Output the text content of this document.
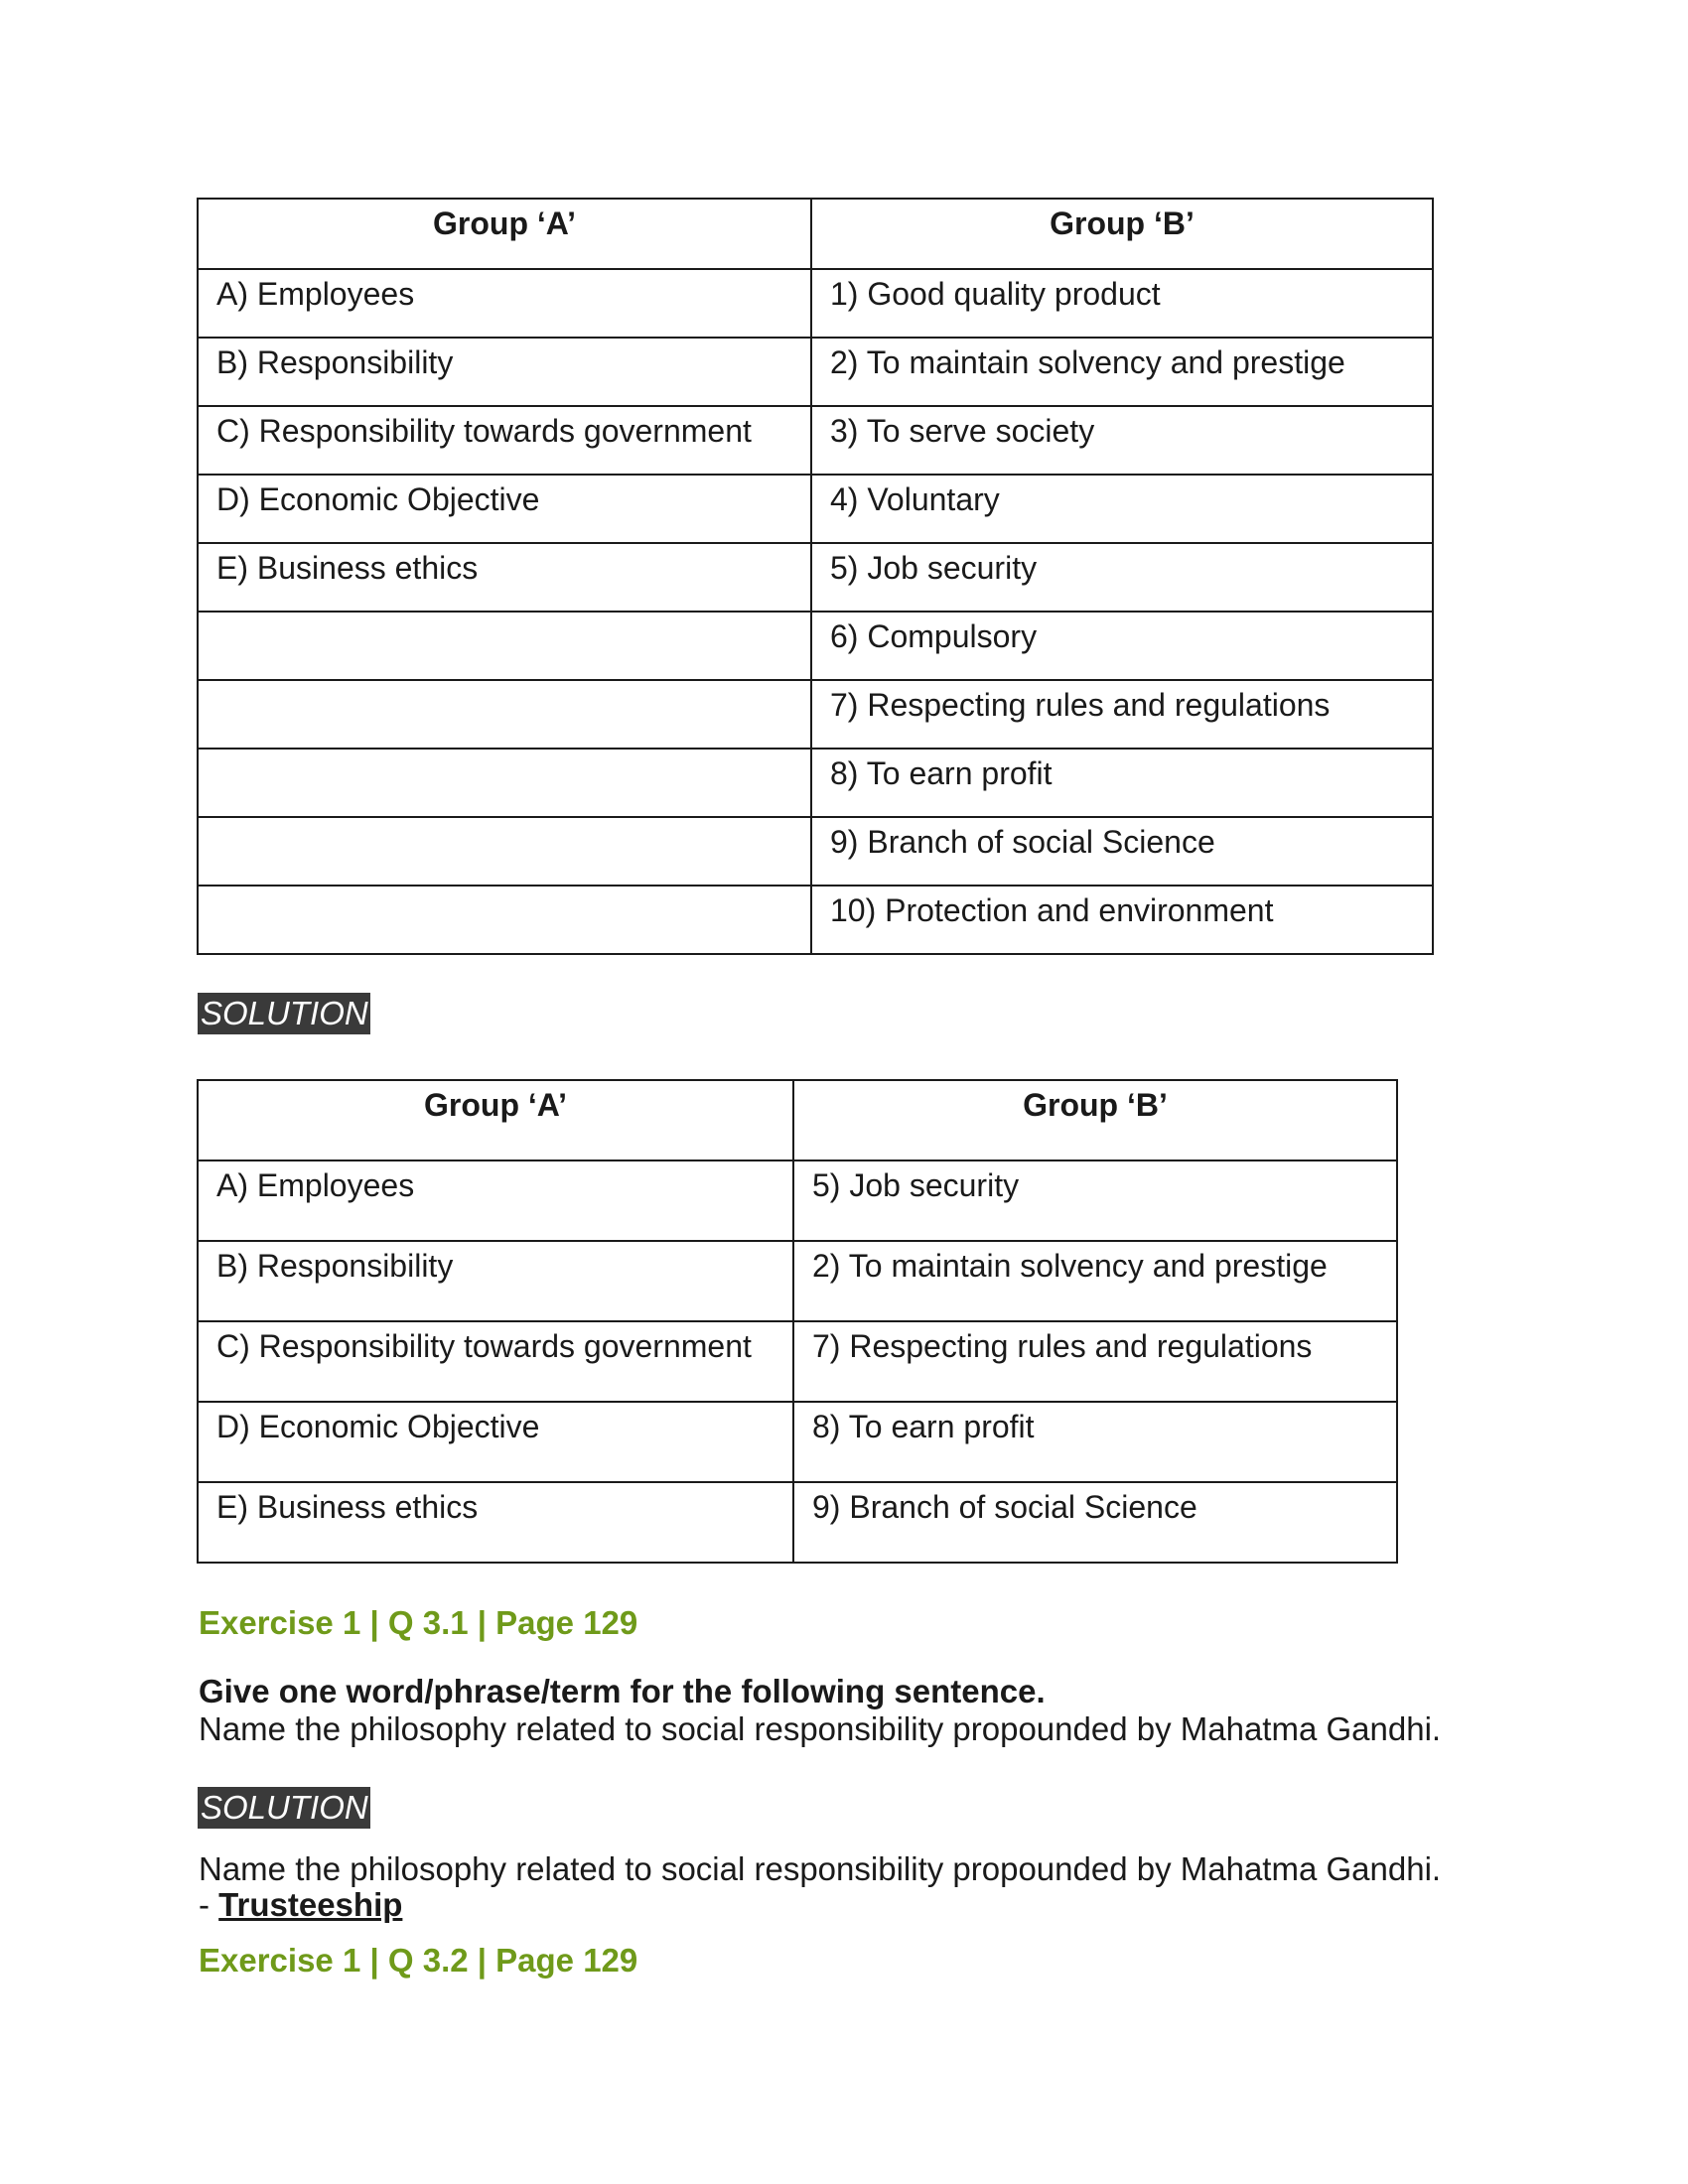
Group ‘A’	Group ‘B’

A) Employees	1) Good quality product

B) Responsibility	2) To maintain solvency and prestige

C) Responsibility towards government	3) To serve society

D) Economic Objective	4) Voluntary

E) Business ethics	5) Job security

	6) Compulsory

	7) Respecting rules and regulations

	8) To earn profit

	9) Branch of social Science

	10) Protection and environment
SOLUTION
Group ‘A’	Group ‘B’

A) Employees	5) Job security

B) Responsibility	2) To maintain solvency and prestige

C) Responsibility towards government	7) Respecting rules and regulations

D) Economic Objective	8) To earn profit

E) Business ethics	9) Branch of social Science
Exercise 1 | Q 3.1 | Page 129
Give one word/phrase/term for the following sentence.
Name the philosophy related to social responsibility propounded by Mahatma Gandhi.
SOLUTION
Name the philosophy related to social responsibility propounded by Mahatma Gandhi.
- Trusteeship
Exercise 1 | Q 3.2 | Page 129
